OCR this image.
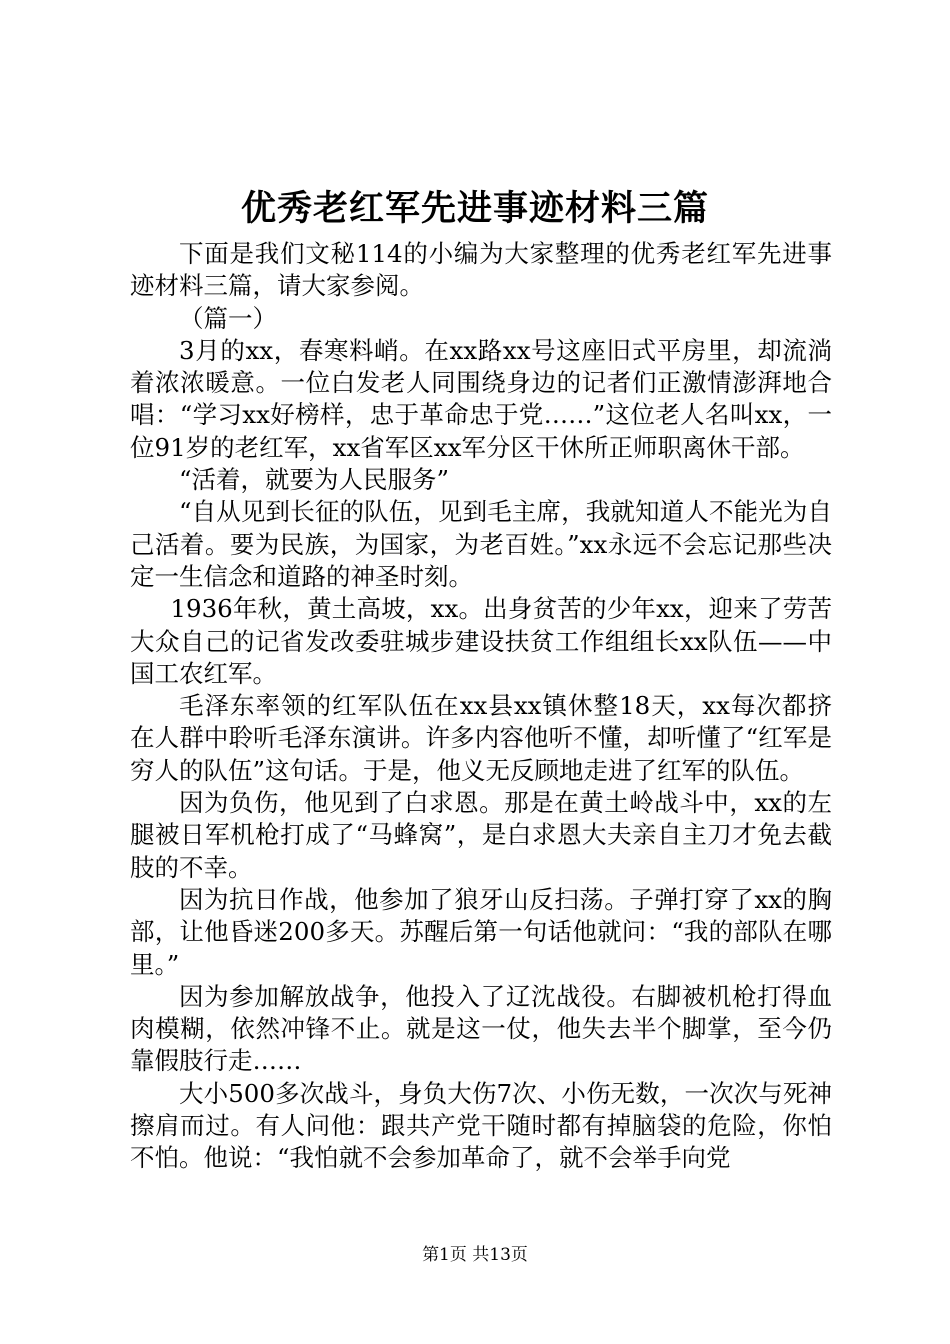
优秀老红军先进事迹材料三篇

下面是我们文秘114的小编为大家整理的优秀老红军先进事迹材料三篇，请大家参阅。

（篇一）

3月的xx，春寒料峭。在xx路xx号这座旧式平房里，却流淌着浓浓暖意。一位白发老人同围绕身边的记者们正激情澎湃地合唱：“学习xx好榜样，忠于革命忠于党……”这位老人名叫xx，一位91岁的老红军，xx省军区xx军分区干休所正师职离休干部。

“活着，就要为人民服务”

“自从见到长征的队伍，见到毛主席，我就知道人不能光为自己活着。要为民族，为国家，为老百姓。”xx永远不会忘记那些决定一生信念和道路的神圣时刻。

1936年秋，黄土高坡，xx。出身贫苦的少年xx，迎来了劳苦大众自己的记省发改委驻城步建设扶贫工作组组长xx队伍——中国工农红军。

毛泽东率领的红军队伍在xx县xx镇休整18天，xx每次都挤在人群中聆听毛泽东演讲。许多内容他听不懂，却听懂了“红军是穷人的队伍”这句话。于是，他义无反顾地走进了红军的队伍。

因为负伤，他见到了白求恩。那是在黄土岭战斗中，xx的左腿被日军机枪打成了“马蜂窝”，是白求恩大夫亲自主刀才免去截肢的不幸。

因为抗日作战，他参加了狼牙山反扫荡。子弹打穿了xx的胸部，让他昏迷200多天。苏醒后第一句话他就问：“我的部队在哪里。”

因为参加解放战争，他投入了辽沈战役。右脚被机枪打得血肉模糊，依然冲锋不止。就是这一仗，他失去半个脚掌，至今仍靠假肢行走……

大小500多次战斗，身负大伤7次、小伤无数，一次次与死神擦肩而过。有人问他：跟共产党干随时都有掉脑袋的危险，你怕不怕。他说：“我怕就不会参加革命了，就不会举手向党

第1页 共13页
